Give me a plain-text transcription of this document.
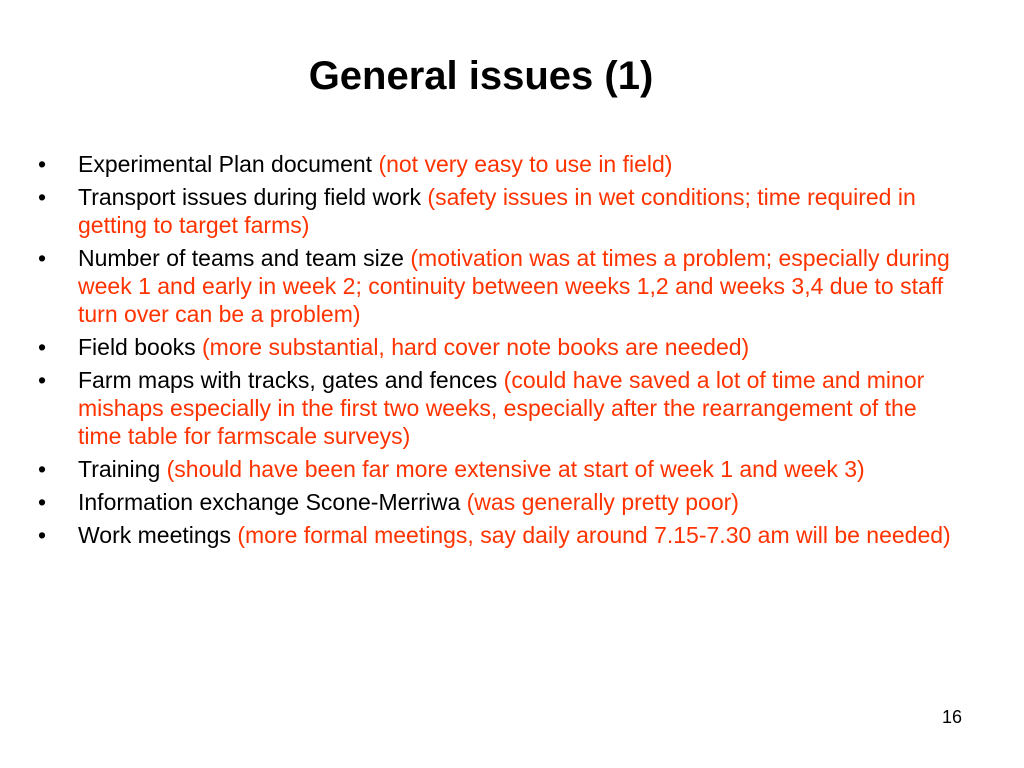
General issues (1)
•	Experimental Plan document (not very easy to use in field)
•	Transport issues during field work (safety issues in wet conditions; time required in getting to target farms)
•	Number of teams and team size (motivation was at times a problem; especially during week 1 and early in week 2; continuity between weeks 1,2 and weeks 3,4 due to staff turn over can be a problem)
•	Field books (more substantial, hard cover note books are needed)
•	Farm maps with tracks, gates and fences (could have saved a lot of time and minor mishaps especially in the first two weeks, especially after the rearrangement of the time table for farmscale surveys)
•	Training (should have been far more extensive at start of week 1 and week 3)
•	Information exchange Scone-Merriwa (was generally pretty poor)
•	Work meetings (more formal meetings, say daily around 7.15-7.30 am will be needed)
16
